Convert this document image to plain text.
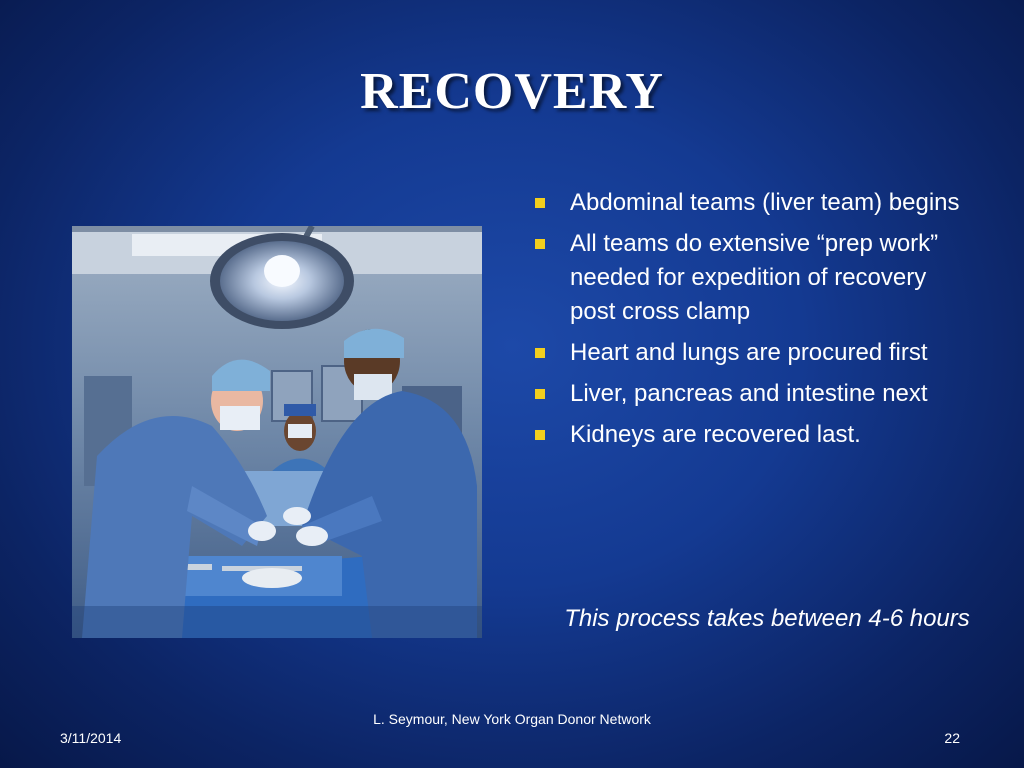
RECOVERY
Abdominal teams (liver team) begins
All teams do extensive “prep work” needed for expedition of recovery post cross clamp
Heart and lungs are procured first
Liver, pancreas and intestine next
Kidneys are recovered last.
This process takes between 4-6 hours
3/11/2014
L. Seymour, New York Organ Donor Network
22
